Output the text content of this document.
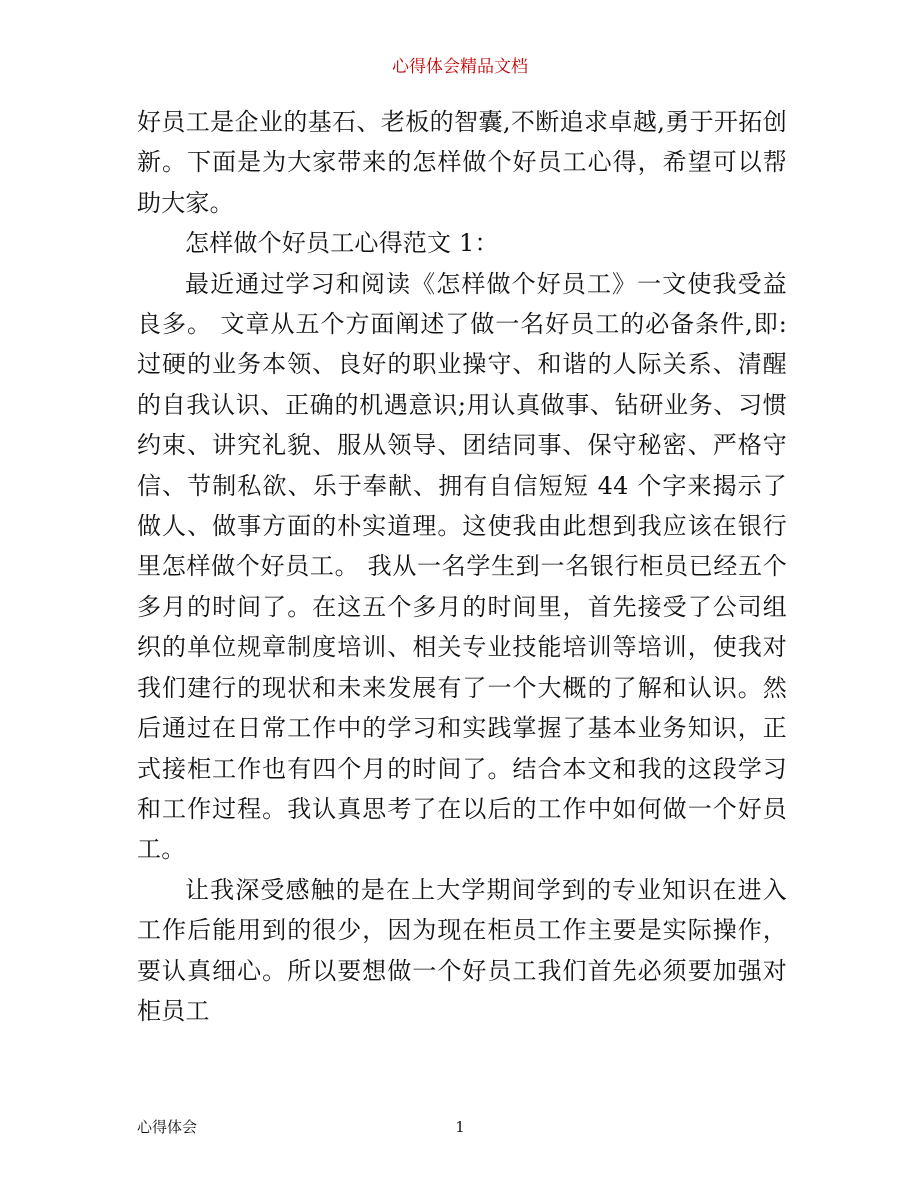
心得体会精品文档

好员工是企业的基石、老板的智囊,不断追求卓越,勇于开拓创新。下面是为大家带来的怎样做个好员工心得，希望可以帮助大家。

怎样做个好员工心得范文 1：

最近通过学习和阅读《怎样做个好员工》一文使我受益良多。 文章从五个方面阐述了做一名好员工的必备条件,即:过硬的业务本领、良好的职业操守、和谐的人际关系、清醒的自我认识、正确的机遇意识;用认真做事、钻研业务、习惯约束、讲究礼貌、服从领导、团结同事、保守秘密、严格守信、节制私欲、乐于奉献、拥有自信短短 44 个字来揭示了做人、做事方面的朴实道理。这使我由此想到我应该在银行里怎样做个好员工。 我从一名学生到一名银行柜员已经五个多月的时间了。在这五个多月的时间里，首先接受了公司组织的单位规章制度培训、相关专业技能培训等培训，使我对我们建行的现状和未来发展有了一个大概的了解和认识。然后通过在日常工作中的学习和实践掌握了基本业务知识，正式接柜工作也有四个月的时间了。结合本文和我的这段学习和工作过程。我认真思考了在以后的工作中如何做一个好员工。

让我深受感触的是在上大学期间学到的专业知识在进入工作后能用到的很少，因为现在柜员工作主要是实际操作，要认真细心。所以要想做一个好员工我们首先必须要加强对柜员工

心得体会	1
